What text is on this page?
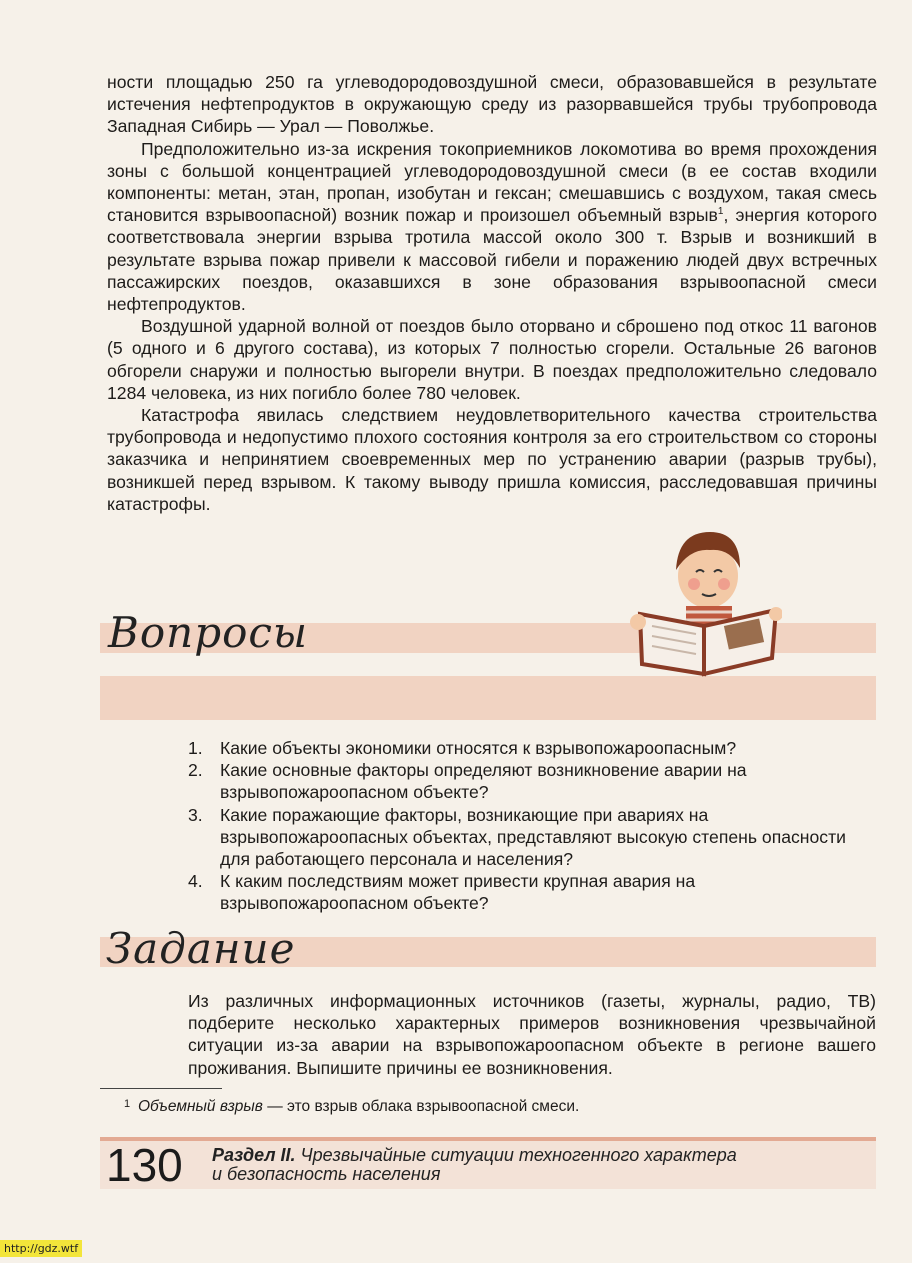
ности площадью 250 га углеводородовоздушной смеси, образовавшейся в результате истечения нефтепродуктов в окружающую среду из разорвавшейся трубы трубопровода Западная Сибирь — Урал — Поволжье.

Предположительно из-за искрения токоприемников локомотива во время прохождения зоны с большой концентрацией углеводородовоздушной смеси (в ее состав входили компоненты: метан, этан, пропан, изобутан и гексан; смешавшись с воздухом, такая смесь становится взрывоопасной) возник пожар и произошел объемный взрыв$^1$, энергия которого соответствовала энергии взрыва тротила массой около 300 т. Взрыв и возникший в результате взрыва пожар привели к массовой гибели и поражению людей двух встречных пассажирских поездов, оказавшихся в зоне образования взрывоопасной смеси нефтепродуктов.

Воздушной ударной волной от поездов было оторвано и сброшено под откос 11 вагонов (5 одного и 6 другого состава), из которых 7 полностью сгорели. Остальные 26 вагонов обгорели снаружи и полностью выгорели внутри. В поездах предположительно следовало 1284 человека, из них погибло более 780 человек.

Катастрофа явилась следствием неудовлетворительного качества строительства трубопровода и недопустимо плохого состояния контроля за его строительством со стороны заказчика и непринятием своевременных мер по устранению аварии (разрыв трубы), возникшей перед взрывом. К такому выводу пришла комиссия, расследовавшая причины катастрофы.

Вопросы
1. Какие объекты экономики относятся к взрывопожароопасным?
2. Какие основные факторы определяют возникновение аварии на взрывопожароопасном объекте?
3. Какие поражающие факторы, возникающие при авариях на взрывопожароопасных объектах, представляют высокую степень опасности для работающего персонала и населения?
4. К каким последствиям может привести крупная авария на взрывопожароопасном объекте?
Задание

Из различных информационных источников (газеты, журналы, радио, ТВ) подберите несколько характерных примеров возникновения чрезвычайной ситуации из-за аварии на взрывопожароопасном объекте в регионе вашего проживания. Выпишите причины ее возникновения.

1 Объемный взрыв — это взрыв облака взрывоопасной смеси.
130 Раздел II. Чрезвычайные ситуации техногенного характера
и безопасность населения
http://gdz.wtf
